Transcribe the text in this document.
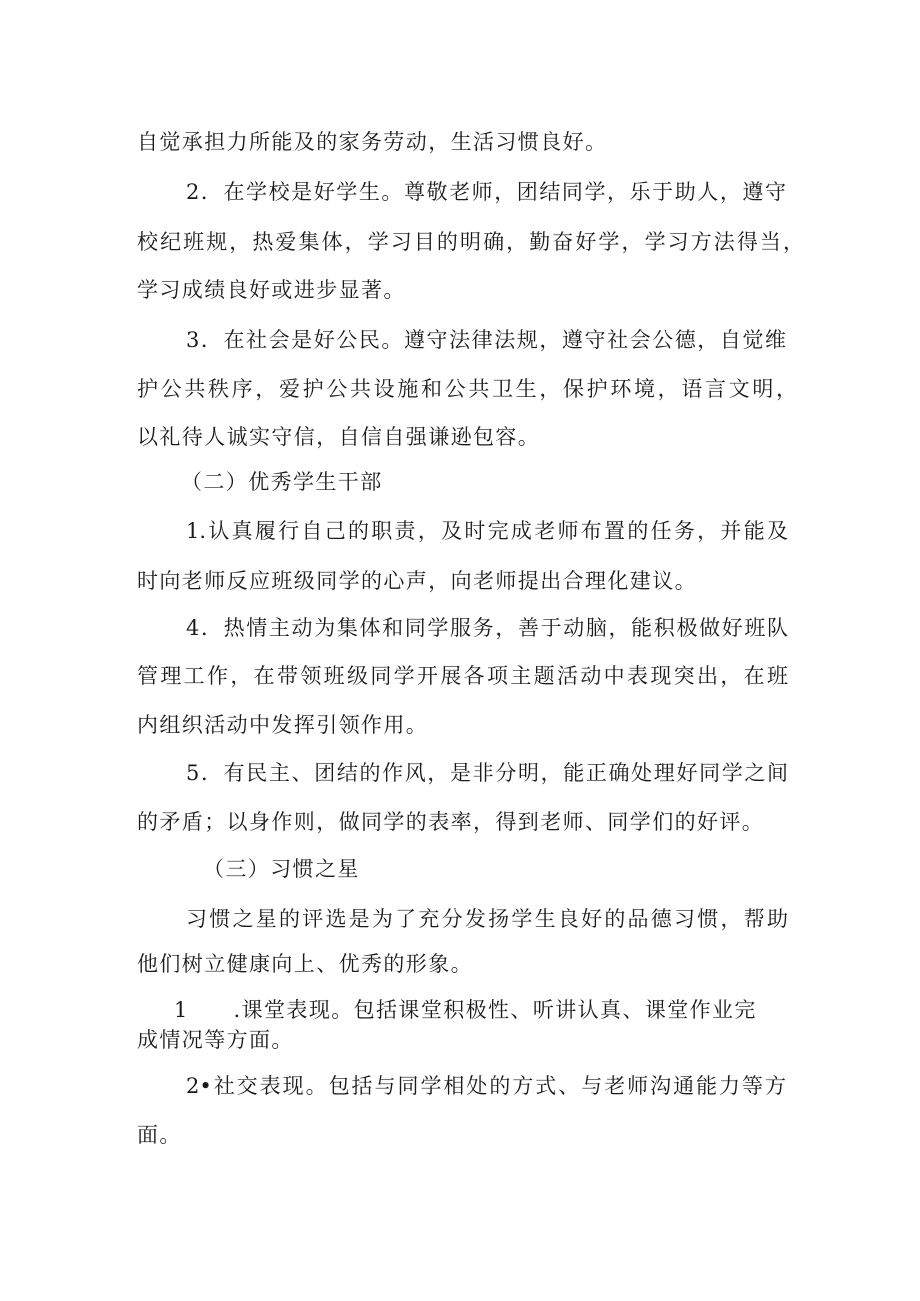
自觉承担力所能及的家务劳动，生活习惯良好。
2．在学校是好学生。尊敬老师，团结同学，乐于助人，遵守
校纪班规，热爱集体，学习目的明确，勤奋好学，学习方法得当，
学习成绩良好或进步显著。
3．在社会是好公民。遵守法律法规，遵守社会公德，自觉维
护公共秩序，爱护公共设施和公共卫生，保护环境，语言文明，
以礼待人诚实守信，自信自强谦逊包容。
（二）优秀学生干部
1.认真履行自己的职责，及时完成老师布置的任务，并能及
时向老师反应班级同学的心声，向老师提出合理化建议。
4．热情主动为集体和同学服务，善于动脑，能积极做好班队
管理工作，在带领班级同学开展各项主题活动中表现突出，在班
内组织活动中发挥引领作用。
5．有民主、团结的作风，是非分明，能正确处理好同学之间
的矛盾；以身作则，做同学的表率，得到老师、同学们的好评。
（三）习惯之星
习惯之星的评选是为了充分发扬学生良好的品德习惯，帮助
他们树立健康向上、优秀的形象。
1　　.课堂表现。包括课堂积极性、听讲认真、课堂作业完
成情况等方面。
2•社交表现。包括与同学相处的方式、与老师沟通能力等方
面。
